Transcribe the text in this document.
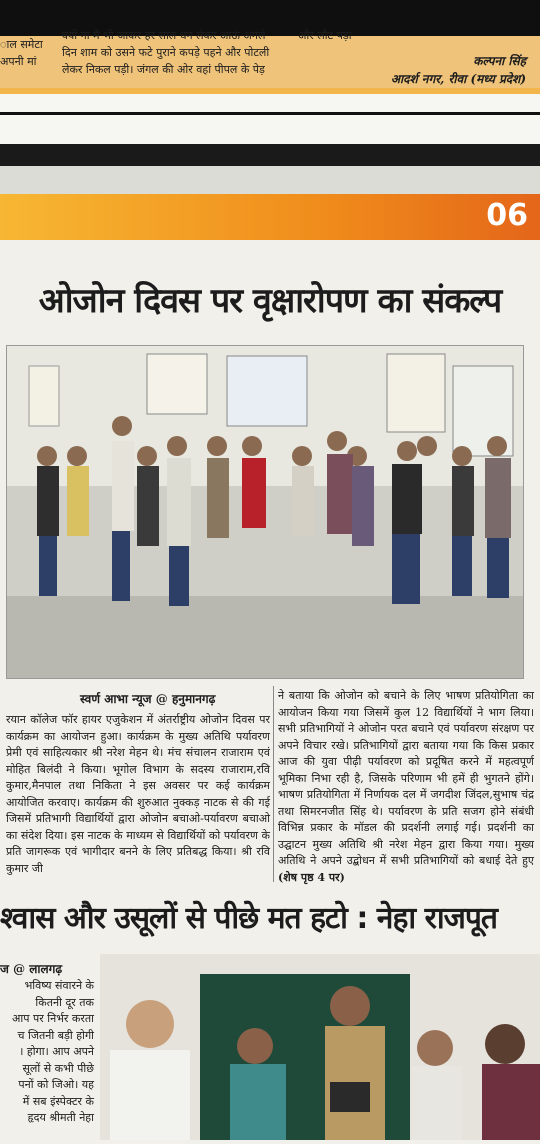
ाल समेटा
अपनी मां
क्यों ना मैं भी जाकर हर साल धन लेकर आऊं अगले
दिन शाम को उसने फटे पुराने कपड़े पहने और पोटली
लेकर निकल पड़ी। जंगल की ओर वहां पीपल के पेड़
और लौट पड़ा
कल्पना सिंह
आदर्श नगर, रीवा (मध्य प्रदेश)
06
ओजोन दिवस पर वृक्षारोपण का संकल्प
स्वर्ण आभा न्यूज @ हनुमानगढ़
रयान कॉलेज फॉर हायर एजुकेशन में अंतर्राष्ट्रीय ओजोन दिवस पर कार्यक्रम का आयोजन हुआ। कार्यक्रम के मुख्य अतिथि पर्यावरण प्रेमी एवं साहित्यकार श्री नरेश मेहन थे। मंच संचालन राजाराम एवं मोहित बिलंदी ने किया। भूगोल विभाग के सदस्य राजाराम,रवि कुमार,मैनपाल तथा निकिता ने इस अवसर पर कई कार्यक्रम आयोजित करवाए। कार्यक्रम की शुरुआत नुक्कड़ नाटक से की गई जिसमें प्रतिभागी विद्यार्थियों द्वारा ओजोन बचाओ-पर्यावरण बचाओ का संदेश दिया। इस नाटक के माध्यम से विद्यार्थियों को पर्यावरण के प्रति जागरूक एवं भागीदार बनने के लिए प्रतिबद्ध किया। श्री रवि कुमार जी
ने बताया कि ओजोन को बचाने के लिए भाषण प्रतियोगिता का आयोजन किया गया जिसमें कुल 12 विद्यार्थियों ने भाग लिया। सभी प्रतिभागियों ने ओजोन परत बचाने एवं पर्यावरण संरक्षण पर अपने विचार रखे। प्रतिभागियों द्वारा बताया गया कि किस प्रकार आज की युवा पीढ़ी पर्यावरण को प्रदूषित करने में महत्वपूर्ण भूमिका निभा रही है, जिसके परिणाम भी हमें ही भुगतने होंगे। भाषण प्रतियोगिता में निर्णायक दल में जगदीश जिंदल,सुभाष चंद्र तथा सिमरनजीत सिंह थे। पर्यावरण के प्रति सजग होने संबंधी विभिन्न प्रकार के मॉडल की प्रदर्शनी लगाई गई। प्रदर्शनी का उद्घाटन मुख्य अतिथि श्री नरेश मेहन द्वारा किया गया। मुख्य अतिथि ने अपने उद्बोधन में सभी प्रतिभागियों को बधाई देते हुए (शेष पृष्ठ 4 पर)
श्वास और उसूलों से पीछे मत हटो : नेहा राजपूत
ज @ लालगढ़
भविष्य संवारने के
कितनी दूर तक
आप पर निर्भर करता
च जितनी बड़ी होगी
। होगा। आप अपने
सूलों से कभी पीछे
पनों को जिओ। यह
में सब इंस्पेक्टर के
हृदय श्रीमती नेहा
